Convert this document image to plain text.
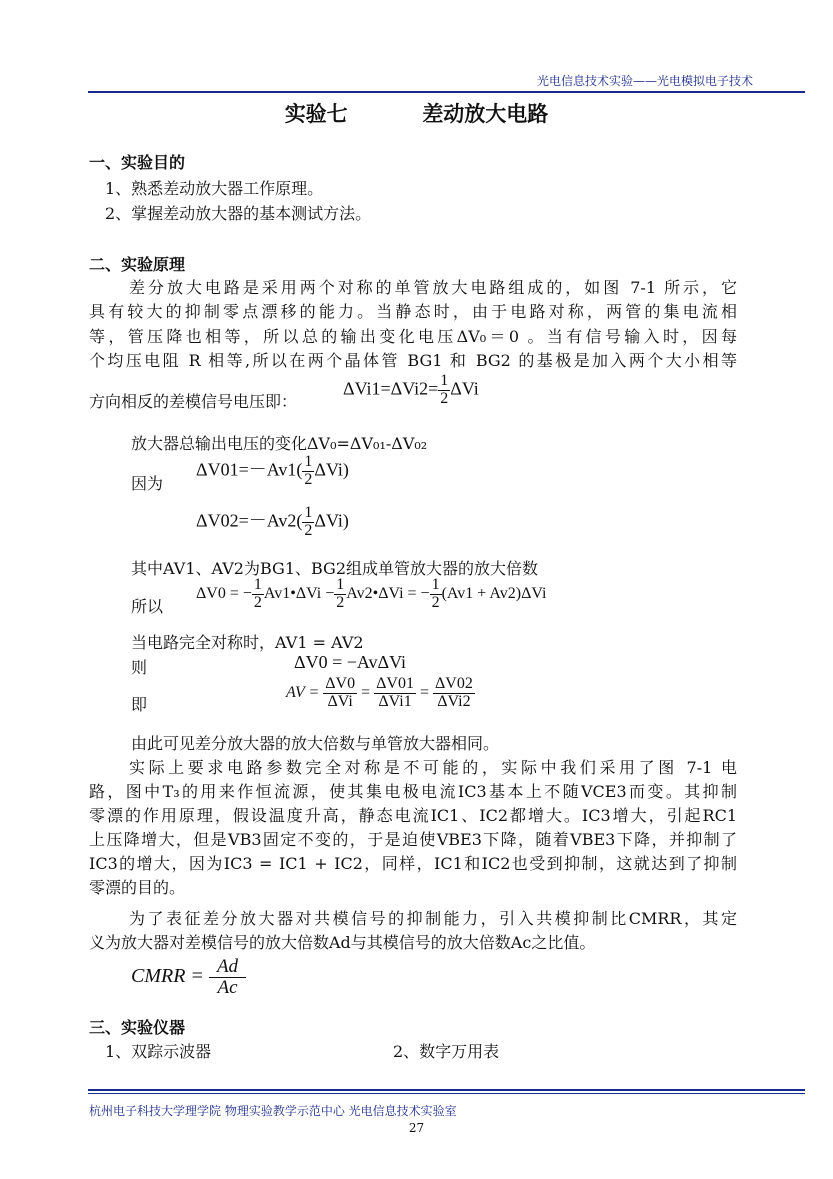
光电信息技术实验——光电模拟电子技术
实验七	差动放大电路
一、实验目的
1、熟悉差动放大器工作原理。
2、掌握差动放大器的基本测试方法。
二、实验原理
差分放大电路是采用两个对称的单管放大电路组成的，如图 7-1 所示，它
具有较大的抑制零点漂移的能力。当静态时，由于电路对称，两管的集电流相
等，管压降也相等，所以总的输出变化电压ΔV₀＝0 。当有信号输入时，因每
个均压电阻 R 相等,所以在两个晶体管 BG1 和 BG2 的基极是加入两个大小相等
方向相反的差模信号电压即：
$\Delta Vi1=\Delta Vi2= \frac{1}{2}$ ΔVi
放大器总输出电压的变化ΔV₀=ΔV₀₁-ΔV₀₂
因为
$\Delta V01=-Av1( \frac{1}{2} \Delta Vi)$
$\Delta V02=-Av2( \frac{1}{2} \Delta Vi)$
其中AV1、AV2为BG1、BG2组成单管放大器的放大倍数
所以
ΔV0 = − $\frac{1}{2}$ Av1•ΔVi − $\frac{1}{2}$ Av2•ΔVi = − $\frac{1}{2} (Av1 + Av2)\Delta Vi$
当电路完全对称时，AV1 = AV2
则	ΔV0 = −AvΔVi
即
AV = $\frac{\Delta V0}{\text{ΔVi}} = \frac{\Delta V01}{\text{ΔVi1}} = \frac{\Delta V02}{\text{ΔVi2}}$
由此可见差分放大器的放大倍数与单管放大器相同。
实际上要求电路参数完全对称是不可能的，实际中我们采用了图 7-1 电
路，图中T₃的用来作恒流源，使其集电极电流IC3基本上不随VCE3而变。其抑制
零漂的作用原理，假设温度升高，静态电流IC1、IC2都增大。IC3增大，引起RC1
上压降增大，但是VB3固定不变的，于是迫使VBE3下降，随着VBE3下降，并抑制了
IC3的增大，因为IC3 = IC1 + IC2，同样，IC1和IC2也受到抑制，这就达到了抑制
零漂的目的。
为了表征差分放大器对共模信号的抑制能力，引入共模抑制比CMRR，其定
义为放大器对差模信号的放大倍数Ad与其模信号的放大倍数Ac之比值。
CMRR = $\frac{Ad}{Ac}$
三、实验仪器
1、双踪示波器	2、数字万用表
杭州电子科技大学理学院 物理实验教学示范中心 光电信息技术实验室
27
